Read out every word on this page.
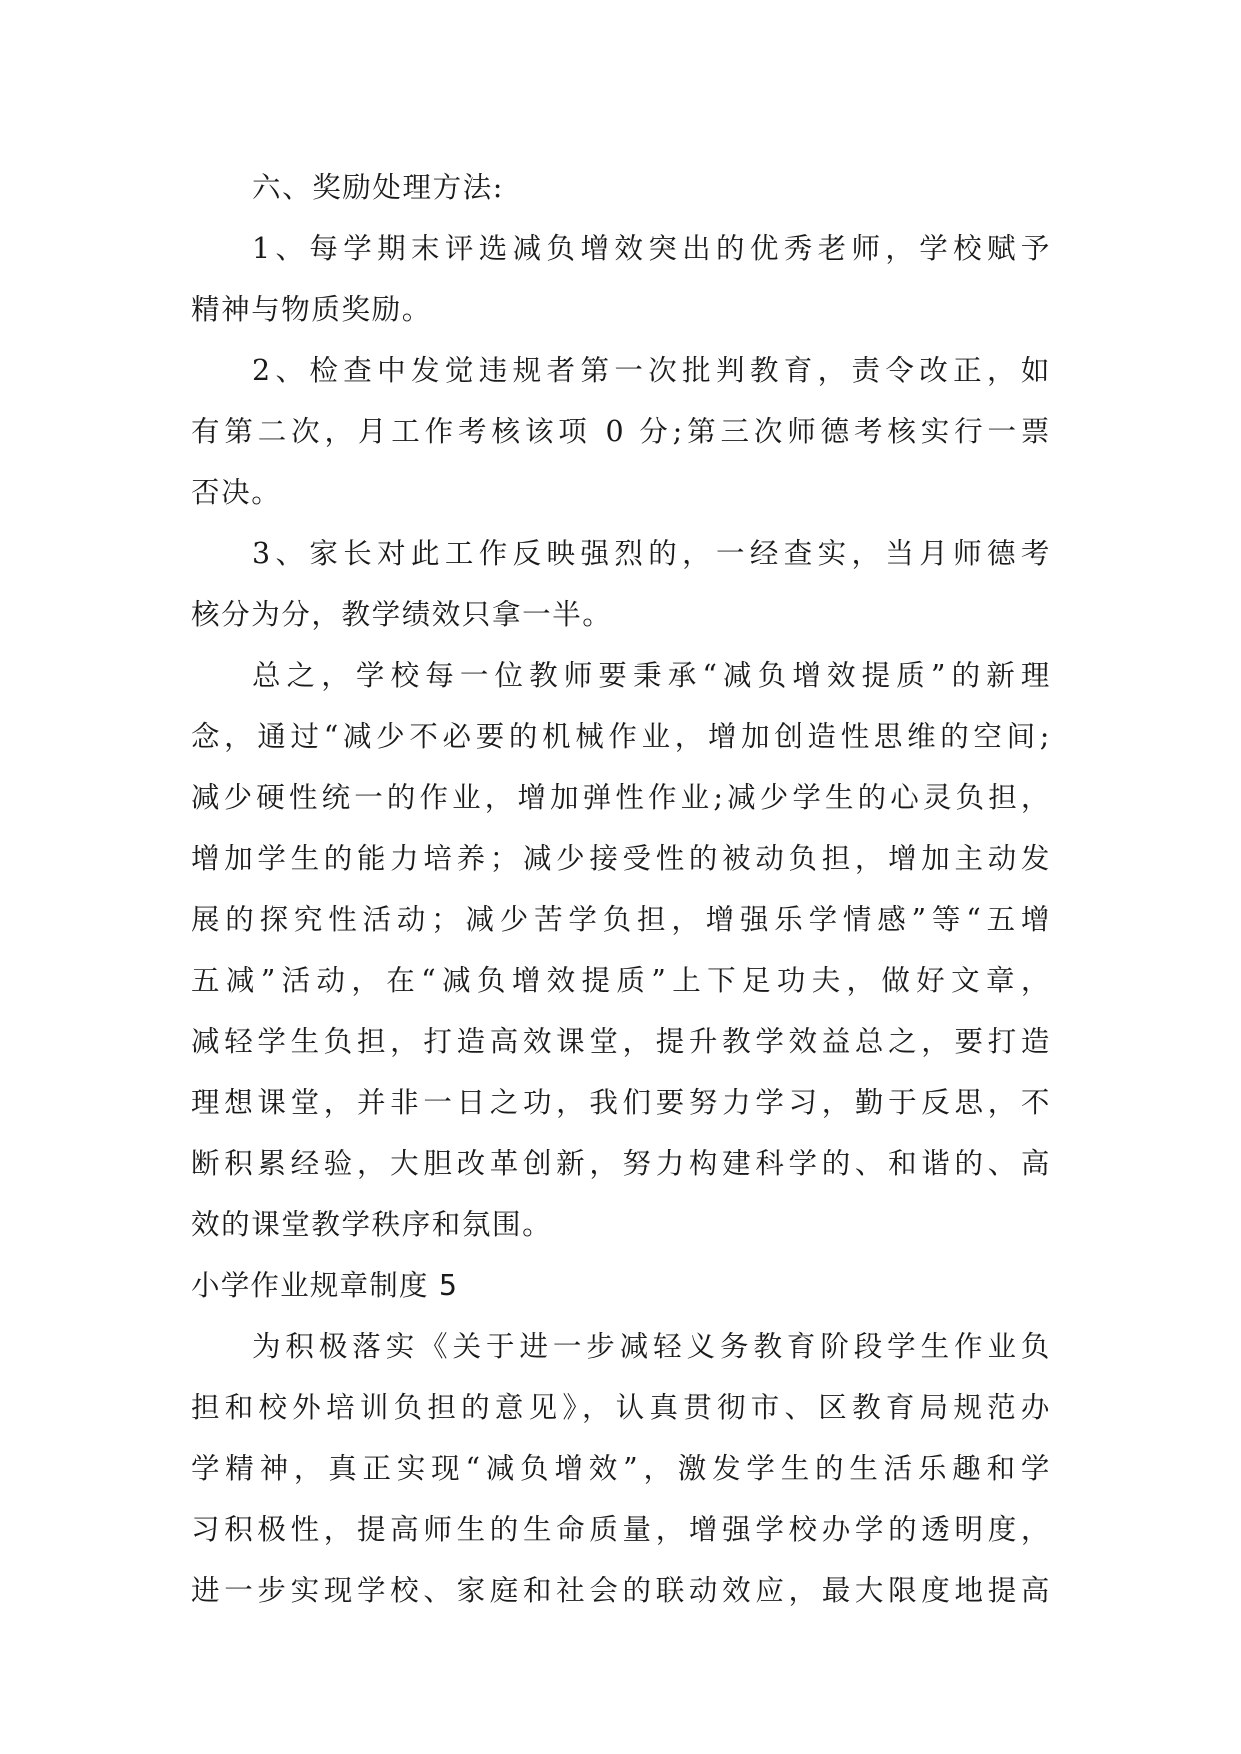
六、奖励处理方法:

1、每学期末评选减负增效突出的优秀老师，学校赋予

精神与物质奖励。

2、检查中发觉违规者第一次批判教育，责令改正，如

有第二次，月工作考核该项 0 分;第三次师德考核实行一票

否决。

3、家长对此工作反映强烈的，一经查实，当月师德考

核分为分，教学绩效只拿一半。

总之，学校每一位教师要秉承“减负增效提质”的新理

念，通过“减少不必要的机械作业，增加创造性思维的空间;

减少硬性统一的作业，增加弹性作业;减少学生的心灵负担，

增加学生的能力培养；减少接受性的被动负担，增加主动发

展的探究性活动；减少苦学负担，增强乐学情感”等“五增

五减”活动，在“减负增效提质”上下足功夫，做好文章，

减轻学生负担，打造高效课堂，提升教学效益总之，要打造

理想课堂，并非一日之功，我们要努力学习，勤于反思，不

断积累经验，大胆改革创新，努力构建科学的、和谐的、高

效的课堂教学秩序和氛围。

小学作业规章制度 5

为积极落实《关于进一步减轻义务教育阶段学生作业负

担和校外培训负担的意见》，认真贯彻市、区教育局规范办

学精神，真正实现“减负增效”，激发学生的生活乐趣和学

习积极性，提高师生的生命质量，增强学校办学的透明度，

进一步实现学校、家庭和社会的联动效应，最大限度地提高
